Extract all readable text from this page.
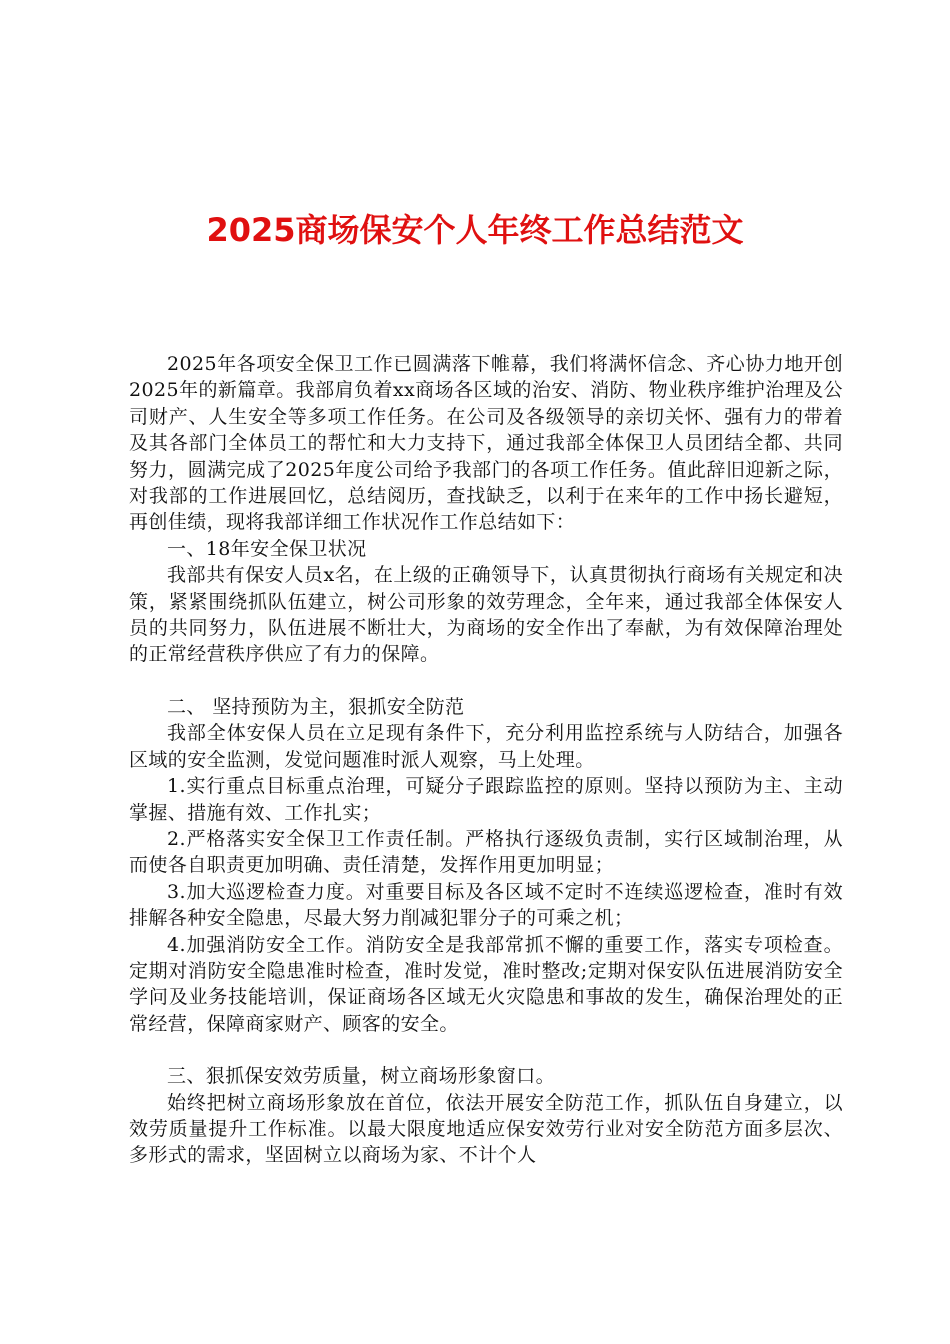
2025商场保安个人年终工作总结范文

2025年各项安全保卫工作已圆满落下帷幕，我们将满怀信念、齐心协力地开创2025年的新篇章。我部肩负着xx商场各区域的治安、消防、物业秩序维护治理及公司财产、人生安全等多项工作任务。在公司及各级领导的亲切关怀、强有力的带着及其各部门全体员工的帮忙和大力支持下，通过我部全体保卫人员团结全都、共同努力，圆满完成了2025年度公司给予我部门的各项工作任务。值此辞旧迎新之际，对我部的工作进展回忆，总结阅历，查找缺乏，以利于在来年的工作中扬长避短，再创佳绩，现将我部详细工作状况作工作总结如下：

一、18年安全保卫状况

我部共有保安人员x名，在上级的正确领导下，认真贯彻执行商场有关规定和决策，紧紧围绕抓队伍建立，树公司形象的效劳理念，全年来，通过我部全体保安人员的共同努力，队伍进展不断壮大，为商场的安全作出了奉献，为有效保障治理处的正常经营秩序供应了有力的保障。

二、 坚持预防为主，狠抓安全防范

我部全体安保人员在立足现有条件下，充分利用监控系统与人防结合，加强各区域的安全监测，发觉问题准时派人观察，马上处理。

1.实行重点目标重点治理，可疑分子跟踪监控的原则。坚持以预防为主、主动掌握、措施有效、工作扎实；

2.严格落实安全保卫工作责任制。严格执行逐级负责制，实行区域制治理，从而使各自职责更加明确、责任清楚，发挥作用更加明显；

3.加大巡逻检查力度。对重要目标及各区域不定时不连续巡逻检查，准时有效排解各种安全隐患，尽最大努力削减犯罪分子的可乘之机；

4.加强消防安全工作。消防安全是我部常抓不懈的重要工作，落实专项检查。定期对消防安全隐患准时检查，准时发觉，准时整改;定期对保安队伍进展消防安全学问及业务技能培训，保证商场各区域无火灾隐患和事故的发生，确保治理处的正常经营，保障商家财产、顾客的安全。

三、狠抓保安效劳质量，树立商场形象窗口。

始终把树立商场形象放在首位，依法开展安全防范工作，抓队伍自身建立，以效劳质量提升工作标准。以最大限度地适应保安效劳行业对安全防范方面多层次、多形式的需求，坚固树立以商场为家、不计个人
